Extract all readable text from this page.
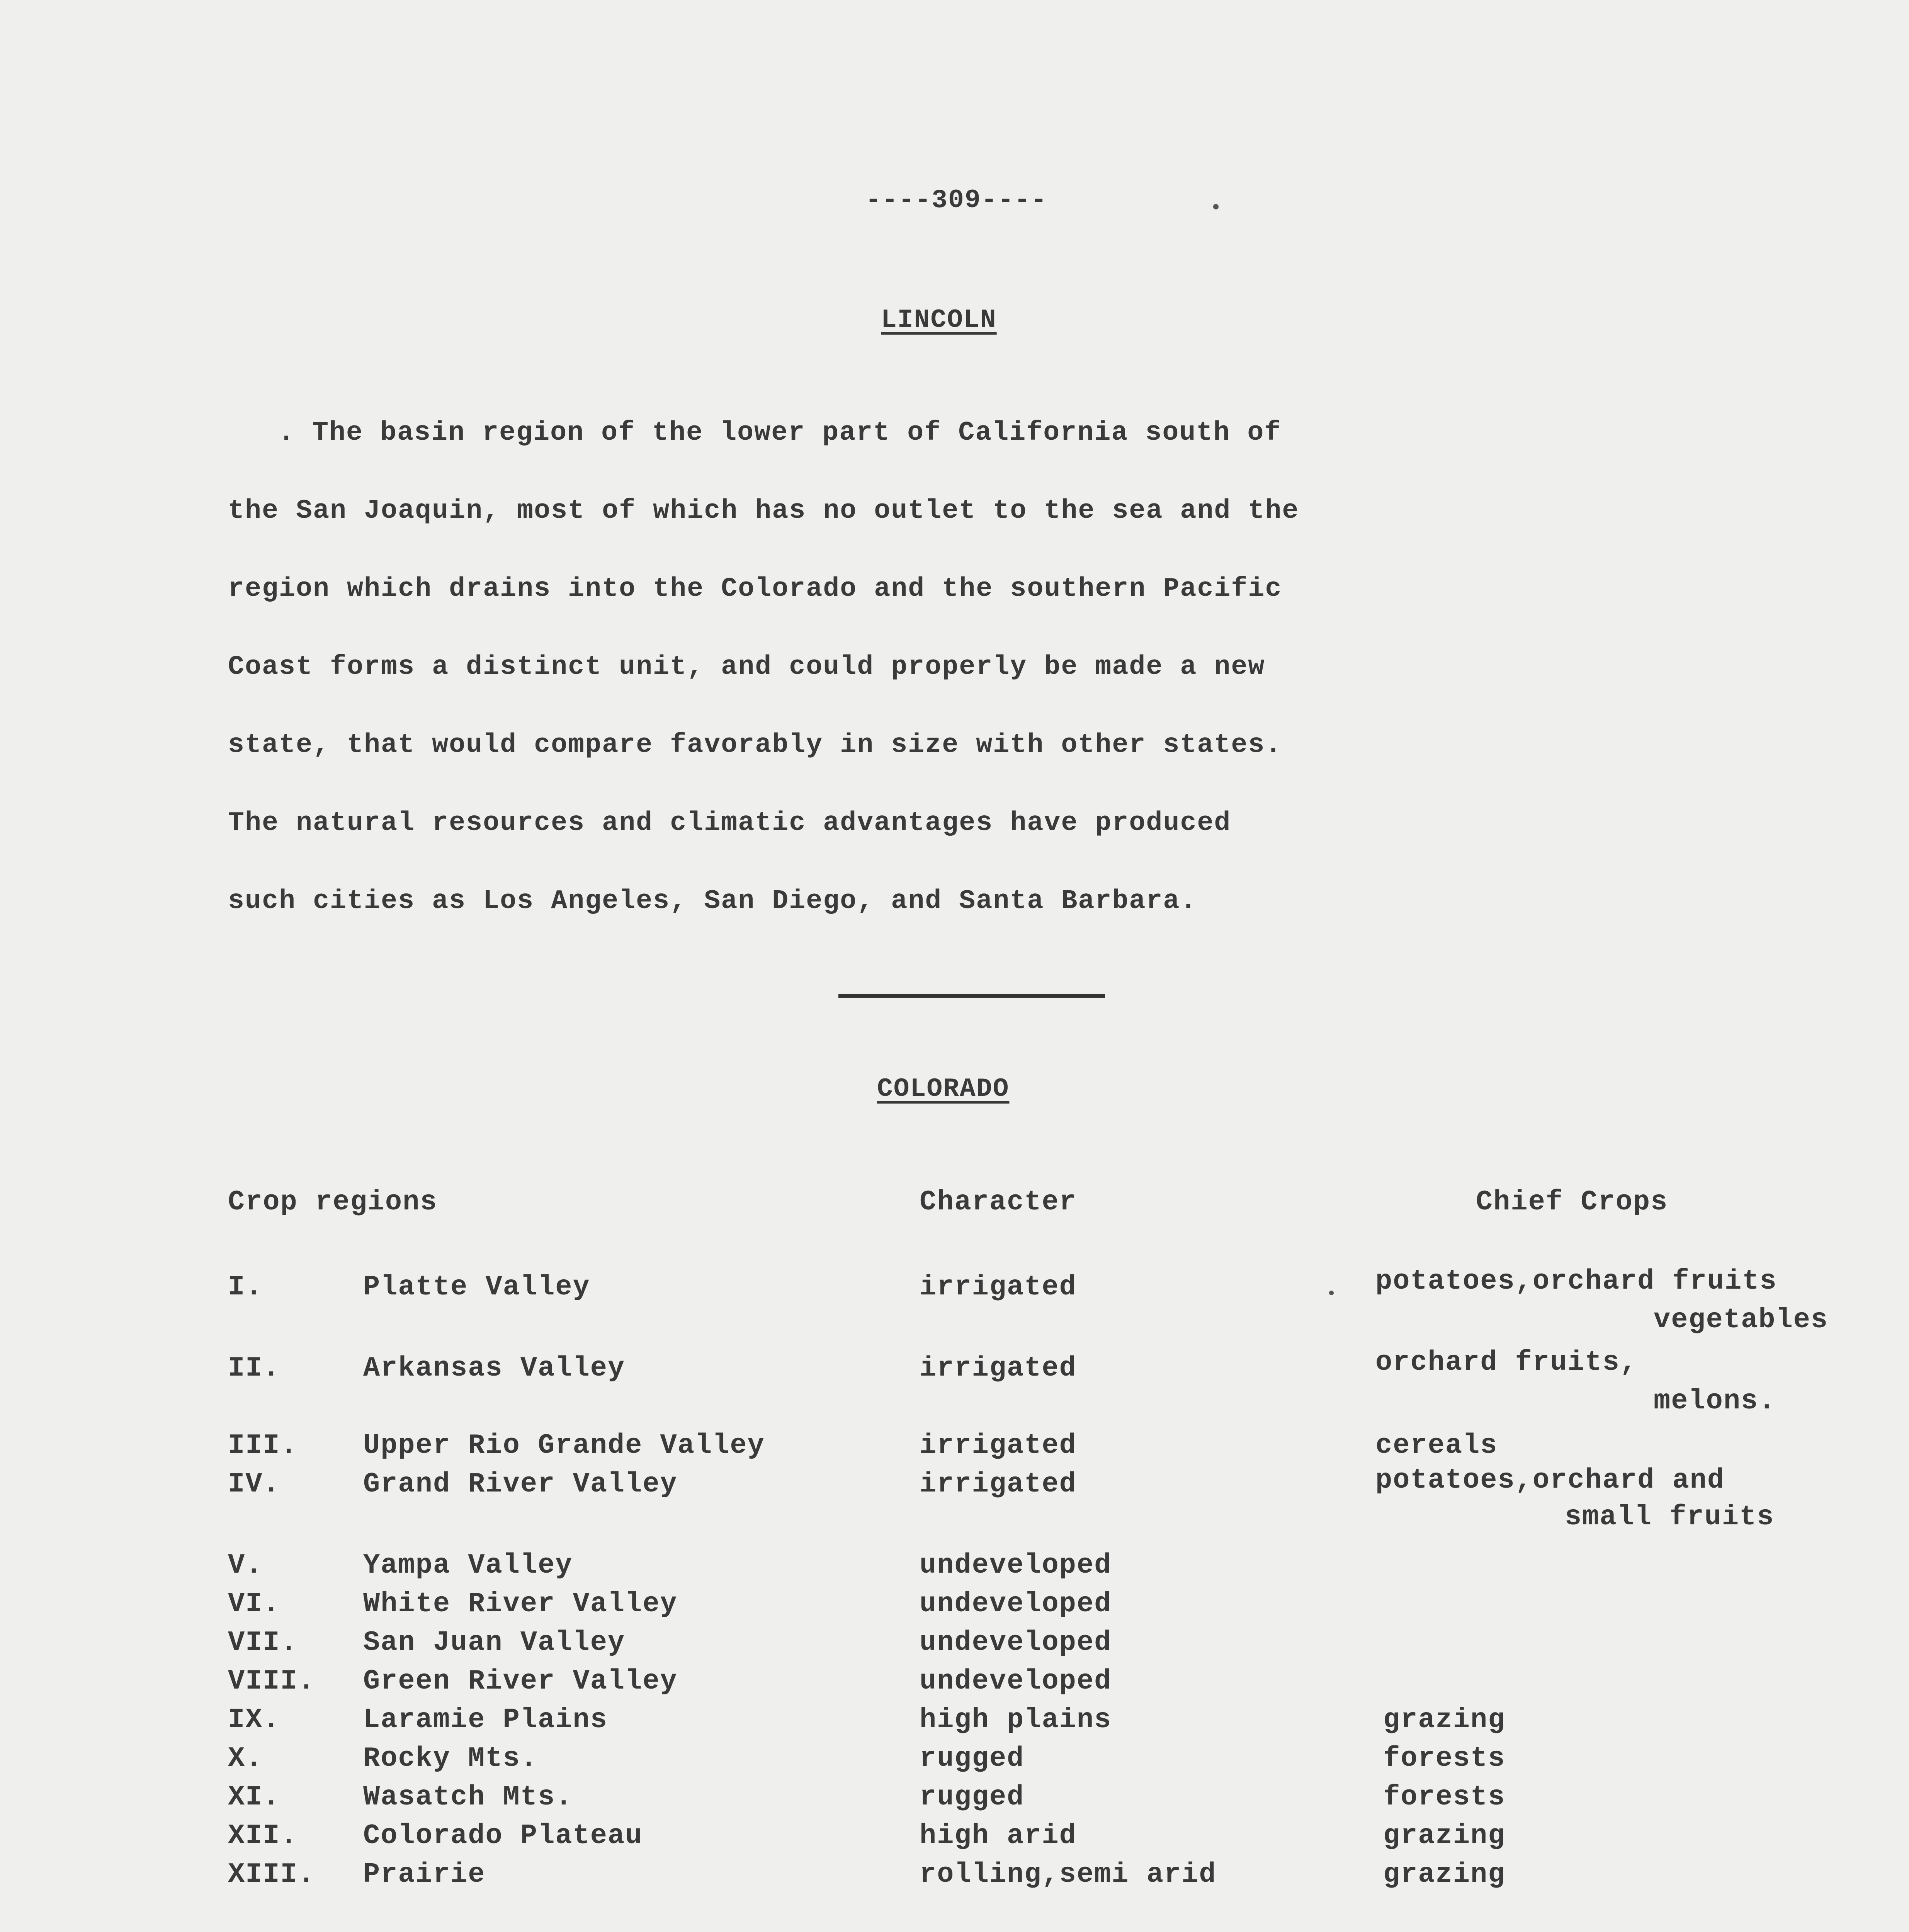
----309----
LINCOLN
. The basin region of the lower part of California south of
the San Joaquin, most of which has no outlet to the sea and the
region which drains into the Colorado and the southern Pacific
Coast forms a distinct unit, and could properly be made a new
state, that would compare favorably in size with other states.
The natural resources and climatic advantages have produced
such cities as Los Angeles, San Diego, and Santa Barbara.
COLORADO
Crop regions	Character	Chief Crops
I.	Platte Valley	irrigated	potatoes,orchard fruits
vegetables
II.	Arkansas Valley	irrigated	orchard fruits,
melons.
III. Upper Rio Grande Valley	irrigated	cereals
IV.	Grand River Valley	irrigated	potatoes,orchard and
small fruits
V.	Yampa Valley	undeveloped
VI.	White River Valley	undeveloped
VII. San Juan Valley	undeveloped
VIII. Green River Valley	undeveloped
IX.	Laramie Plains	high plains	grazing
X.	Rocky Mts.	rugged	forests
XI.	Wasatch Mts.	rugged	forests
XII. Colorado Plateau	high arid	grazing
XIII. Prairie	rolling,semi arid	grazing
